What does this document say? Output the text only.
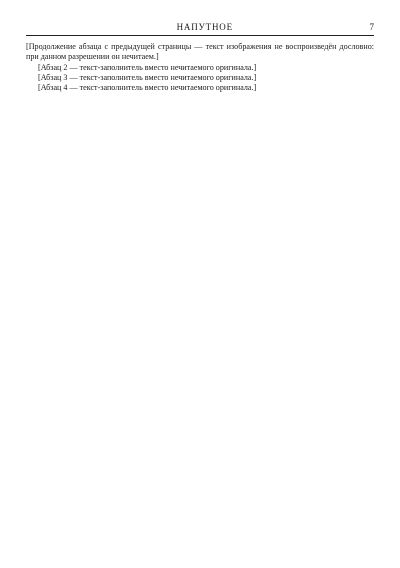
НАПУТНОЕ	7

[Продолжение абзаца с предыдущей страницы — текст изображения не воспроизведён дословно: при данном разрешении он нечитаем.]

[Абзац 2 — текст-заполнитель вместо нечитаемого оригинала.]

[Абзац 3 — текст-заполнитель вместо нечитаемого оригинала.]

[Абзац 4 — текст-заполнитель вместо нечитаемого оригинала.]
